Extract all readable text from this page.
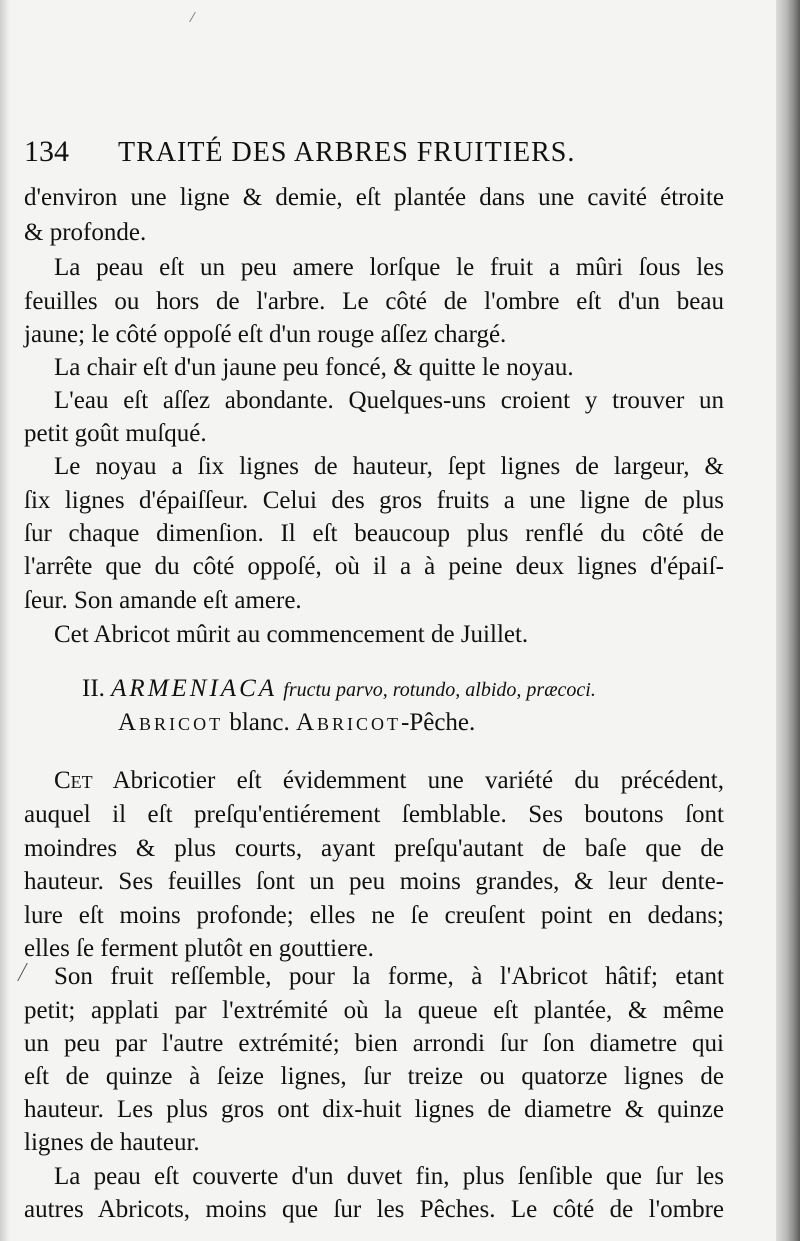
134 TRAITÉ DES ARBRES FRUITIERS.
d'environ une ligne & demie, eſt plantée dans une cavité étroite
& profonde.
La peau eſt un peu amere lorſque le fruit a mûri ſous les
feuilles ou hors de l'arbre. Le côté de l'ombre eſt d'un beau
jaune; le côté oppoſé eſt d'un rouge aſſez chargé.
La chair eſt d'un jaune peu foncé, & quitte le noyau.
L'eau eſt aſſez abondante. Quelques-uns croient y trouver un
petit goût muſqué.
Le noyau a ſix lignes de hauteur, ſept lignes de largeur, &
ſix lignes d'épaiſſeur. Celui des gros fruits a une ligne de plus
ſur chaque dimenſion. Il eſt beaucoup plus renflé du côté de
l'arrête que du côté oppoſé, où il a à peine deux lignes d'épaiſ-
ſeur. Son amande eſt amere.
Cet Abricot mûrit au commencement de Juillet.
II. ARMENIACA fructu parvo, rotundo, albido, præcoci.
Abricot blanc. Abricot-Pêche.
Cet Abricotier eſt évidemment une variété du précédent,
auquel il eſt preſqu'entiérement ſemblable. Ses boutons ſont
moindres & plus courts, ayant preſqu'autant de baſe que de
hauteur. Ses feuilles ſont un peu moins grandes, & leur dente-
lure eſt moins profonde; elles ne ſe creuſent point en dedans;
elles ſe ferment plutôt en gouttiere.
Son fruit reſſemble, pour la forme, à l'Abricot hâtif; etant
petit; applati par l'extrémité où la queue eſt plantée, & même
un peu par l'autre extrémité; bien arrondi ſur ſon diametre qui
eſt de quinze à ſeize lignes, ſur treize ou quatorze lignes de
hauteur. Les plus gros ont dix-huit lignes de diametre & quinze
lignes de hauteur.
La peau eſt couverte d'un duvet fin, plus ſenſible que ſur les
autres Abricots, moins que ſur les Pêches. Le côté de l'ombre
